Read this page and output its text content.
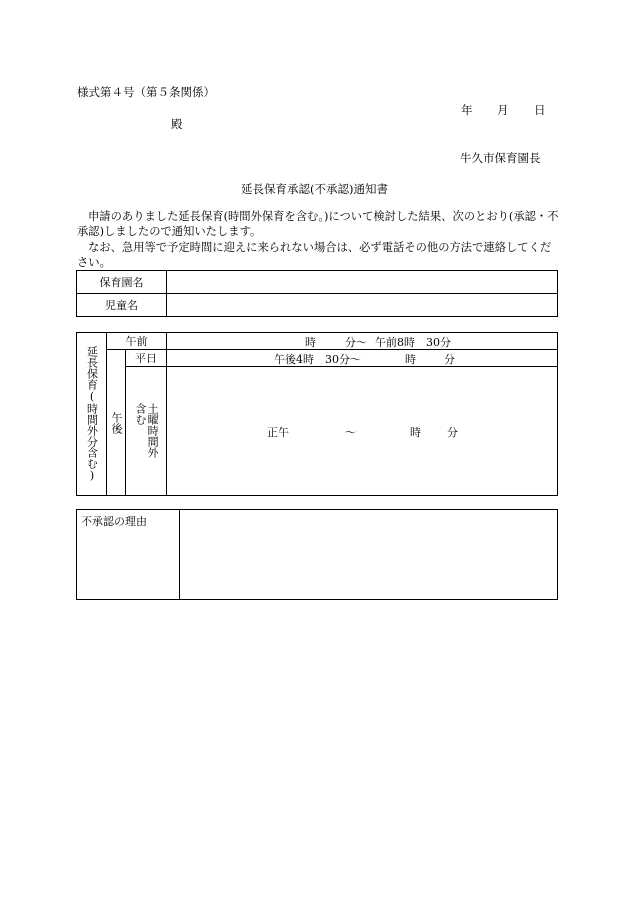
様式第４号（第５条関係）
年 月 日
殿
牛久市保育園長
延長保育承認(不承認)通知書
申請のありました延長保育(時間外保育を含む。)について検討した結果、次のとおり(承認・不承認)しましたので通知いたします。
なお、急用等で予定時間に迎えに来られない場合は、必ず電話その他の方法で連絡してください。
保育園名	
児童名	
延長保育(時間外分含む)	午前		時 分～ 午前8時　30分

	午後	平日	午後4時　30分～ 時 分

		土曜時間外含む	正午 ～ 時 分
不承認の理由	
